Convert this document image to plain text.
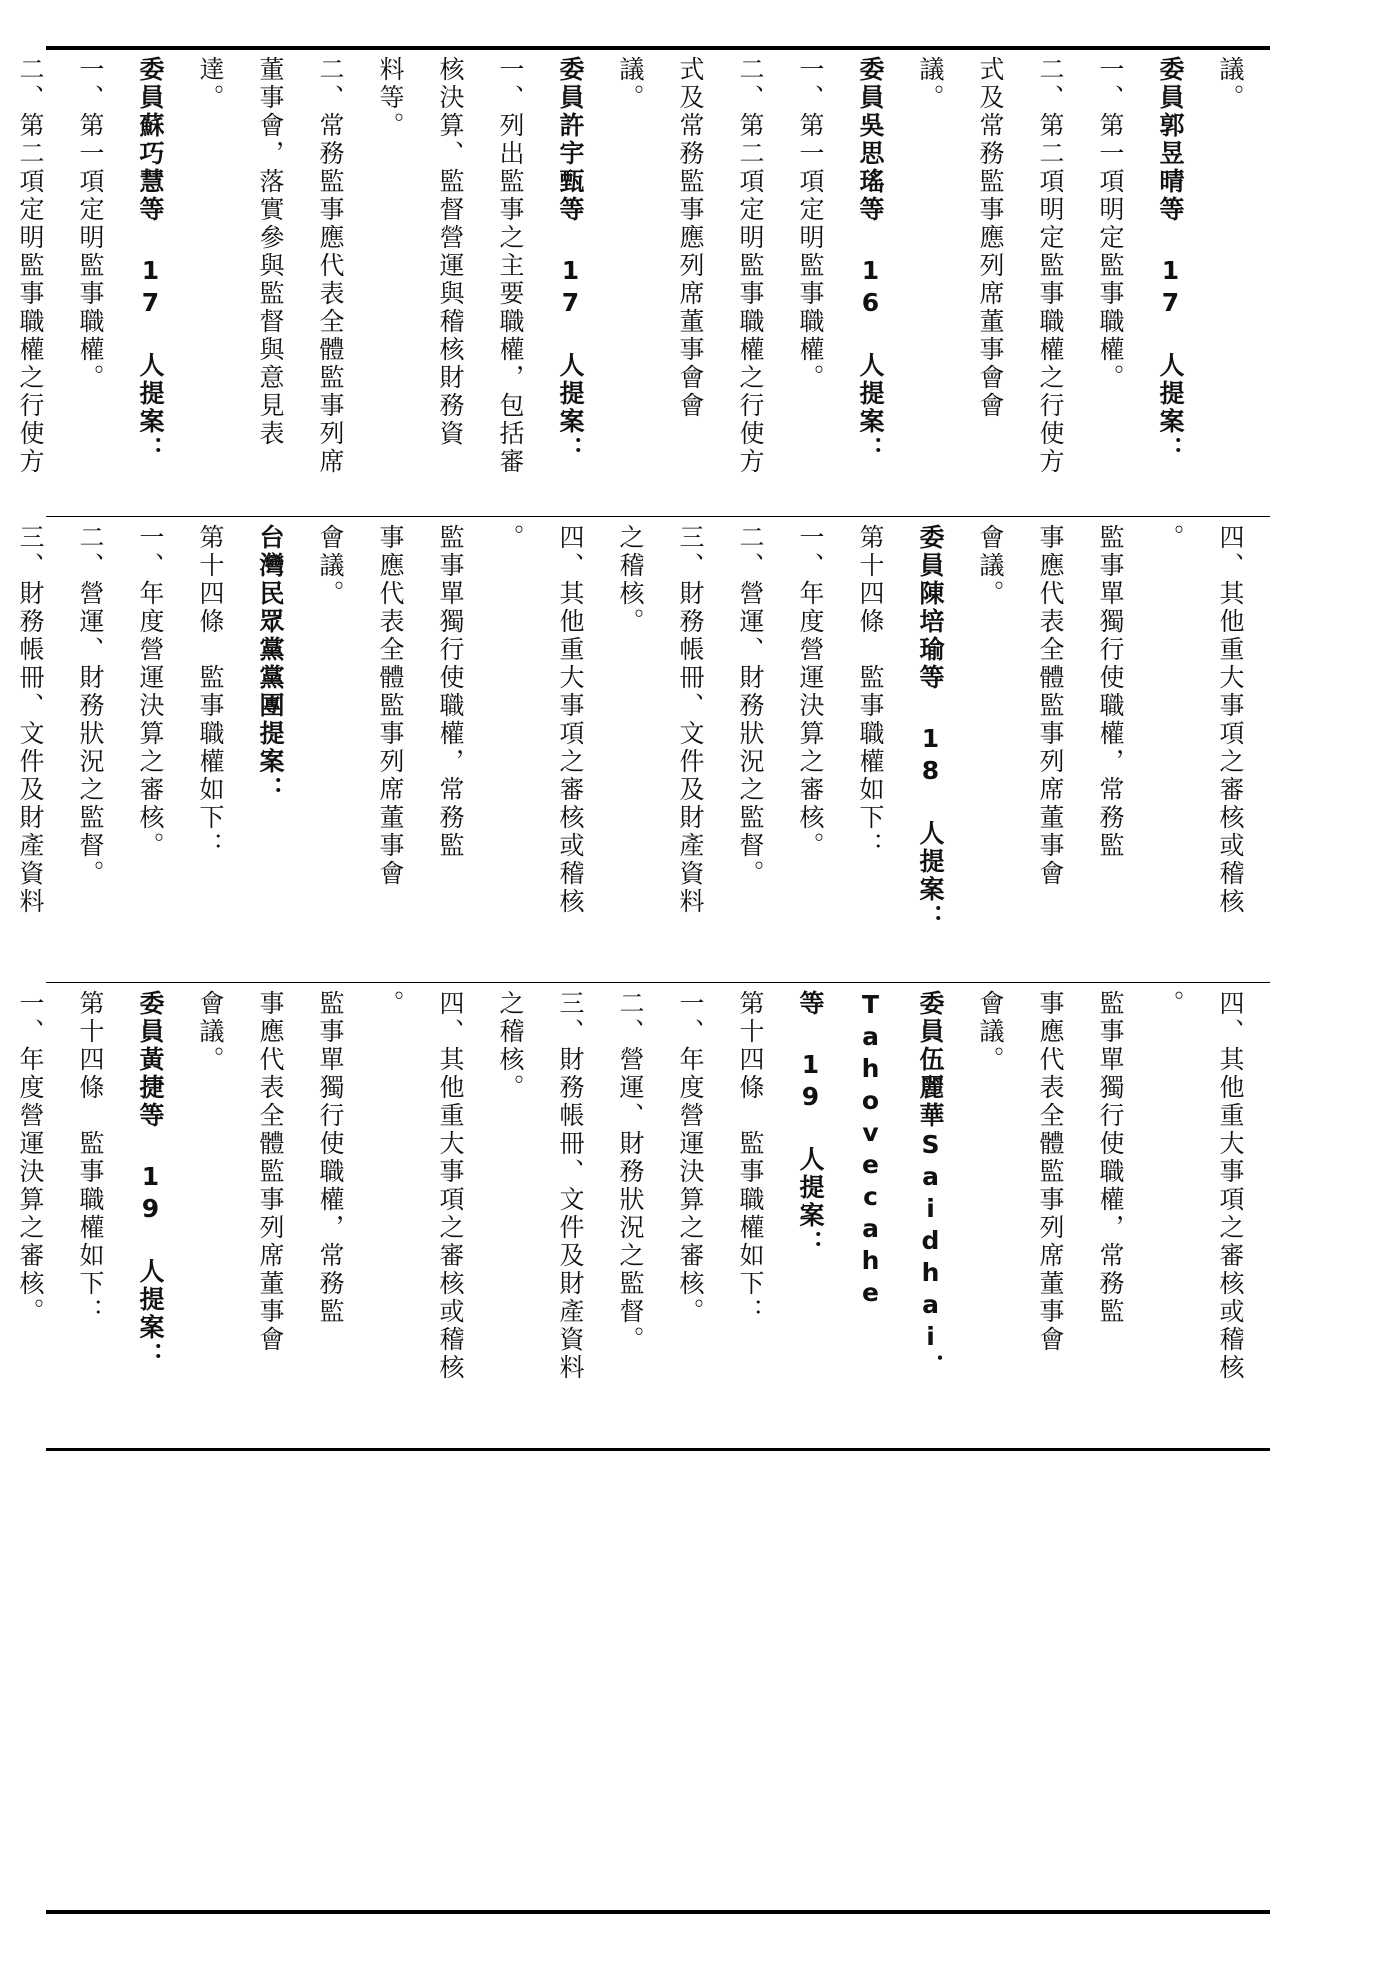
議。

委員郭昱晴等 17 人提案：

一、第一項明定監事職權。

二、第二項明定監事職權之行使方

式及常務監事應列席董事會會

議。

委員吳思瑤等 16 人提案：

一、第一項定明監事職權。

二、第二項定明監事職權之行使方

式及常務監事應列席董事會會

議。

委員許宇甄等 17 人提案：

一、列出監事之主要職權，包括審

核決算、監督營運與稽核財務資

料等。

二、常務監事應代表全體監事列席

董事會，落實參與監督與意見表

達。

委員蘇巧慧等 17 人提案：

一、第一項定明監事職權。

二、第二項定明監事職權之行使方

四、其他重大事項之審核或稽核

。

監事單獨行使職權，常務監

事應代表全體監事列席董事會

會議。

委員陳培瑜等 18 人提案：

第十四條　監事職權如下：

一、年度營運決算之審核。

二、營運、財務狀況之監督。

三、財務帳冊、文件及財產資料

之稽核。

四、其他重大事項之審核或稽核

。

監事單獨行使職權，常務監

事應代表全體監事列席董事會

會議。

台灣民眾黨黨團提案：

第十四條　監事職權如下：

一、年度營運決算之審核。

二、營運、財務狀況之監督。

三、財務帳冊、文件及財產資料

四、其他重大事項之審核或稽核

。

監事單獨行使職權，常務監

事應代表全體監事列席董事會

會議。

委員伍麗華Saidhai．Tahovecahe

等 19 人提案：

第十四條　監事職權如下：

一、年度營運決算之審核。

二、營運、財務狀況之監督。

三、財務帳冊、文件及財產資料

之稽核。

四、其他重大事項之審核或稽核

。

監事單獨行使職權，常務監

事應代表全體監事列席董事會

會議。

委員黃捷等 19 人提案：

第十四條　監事職權如下：

一、年度營運決算之審核。
